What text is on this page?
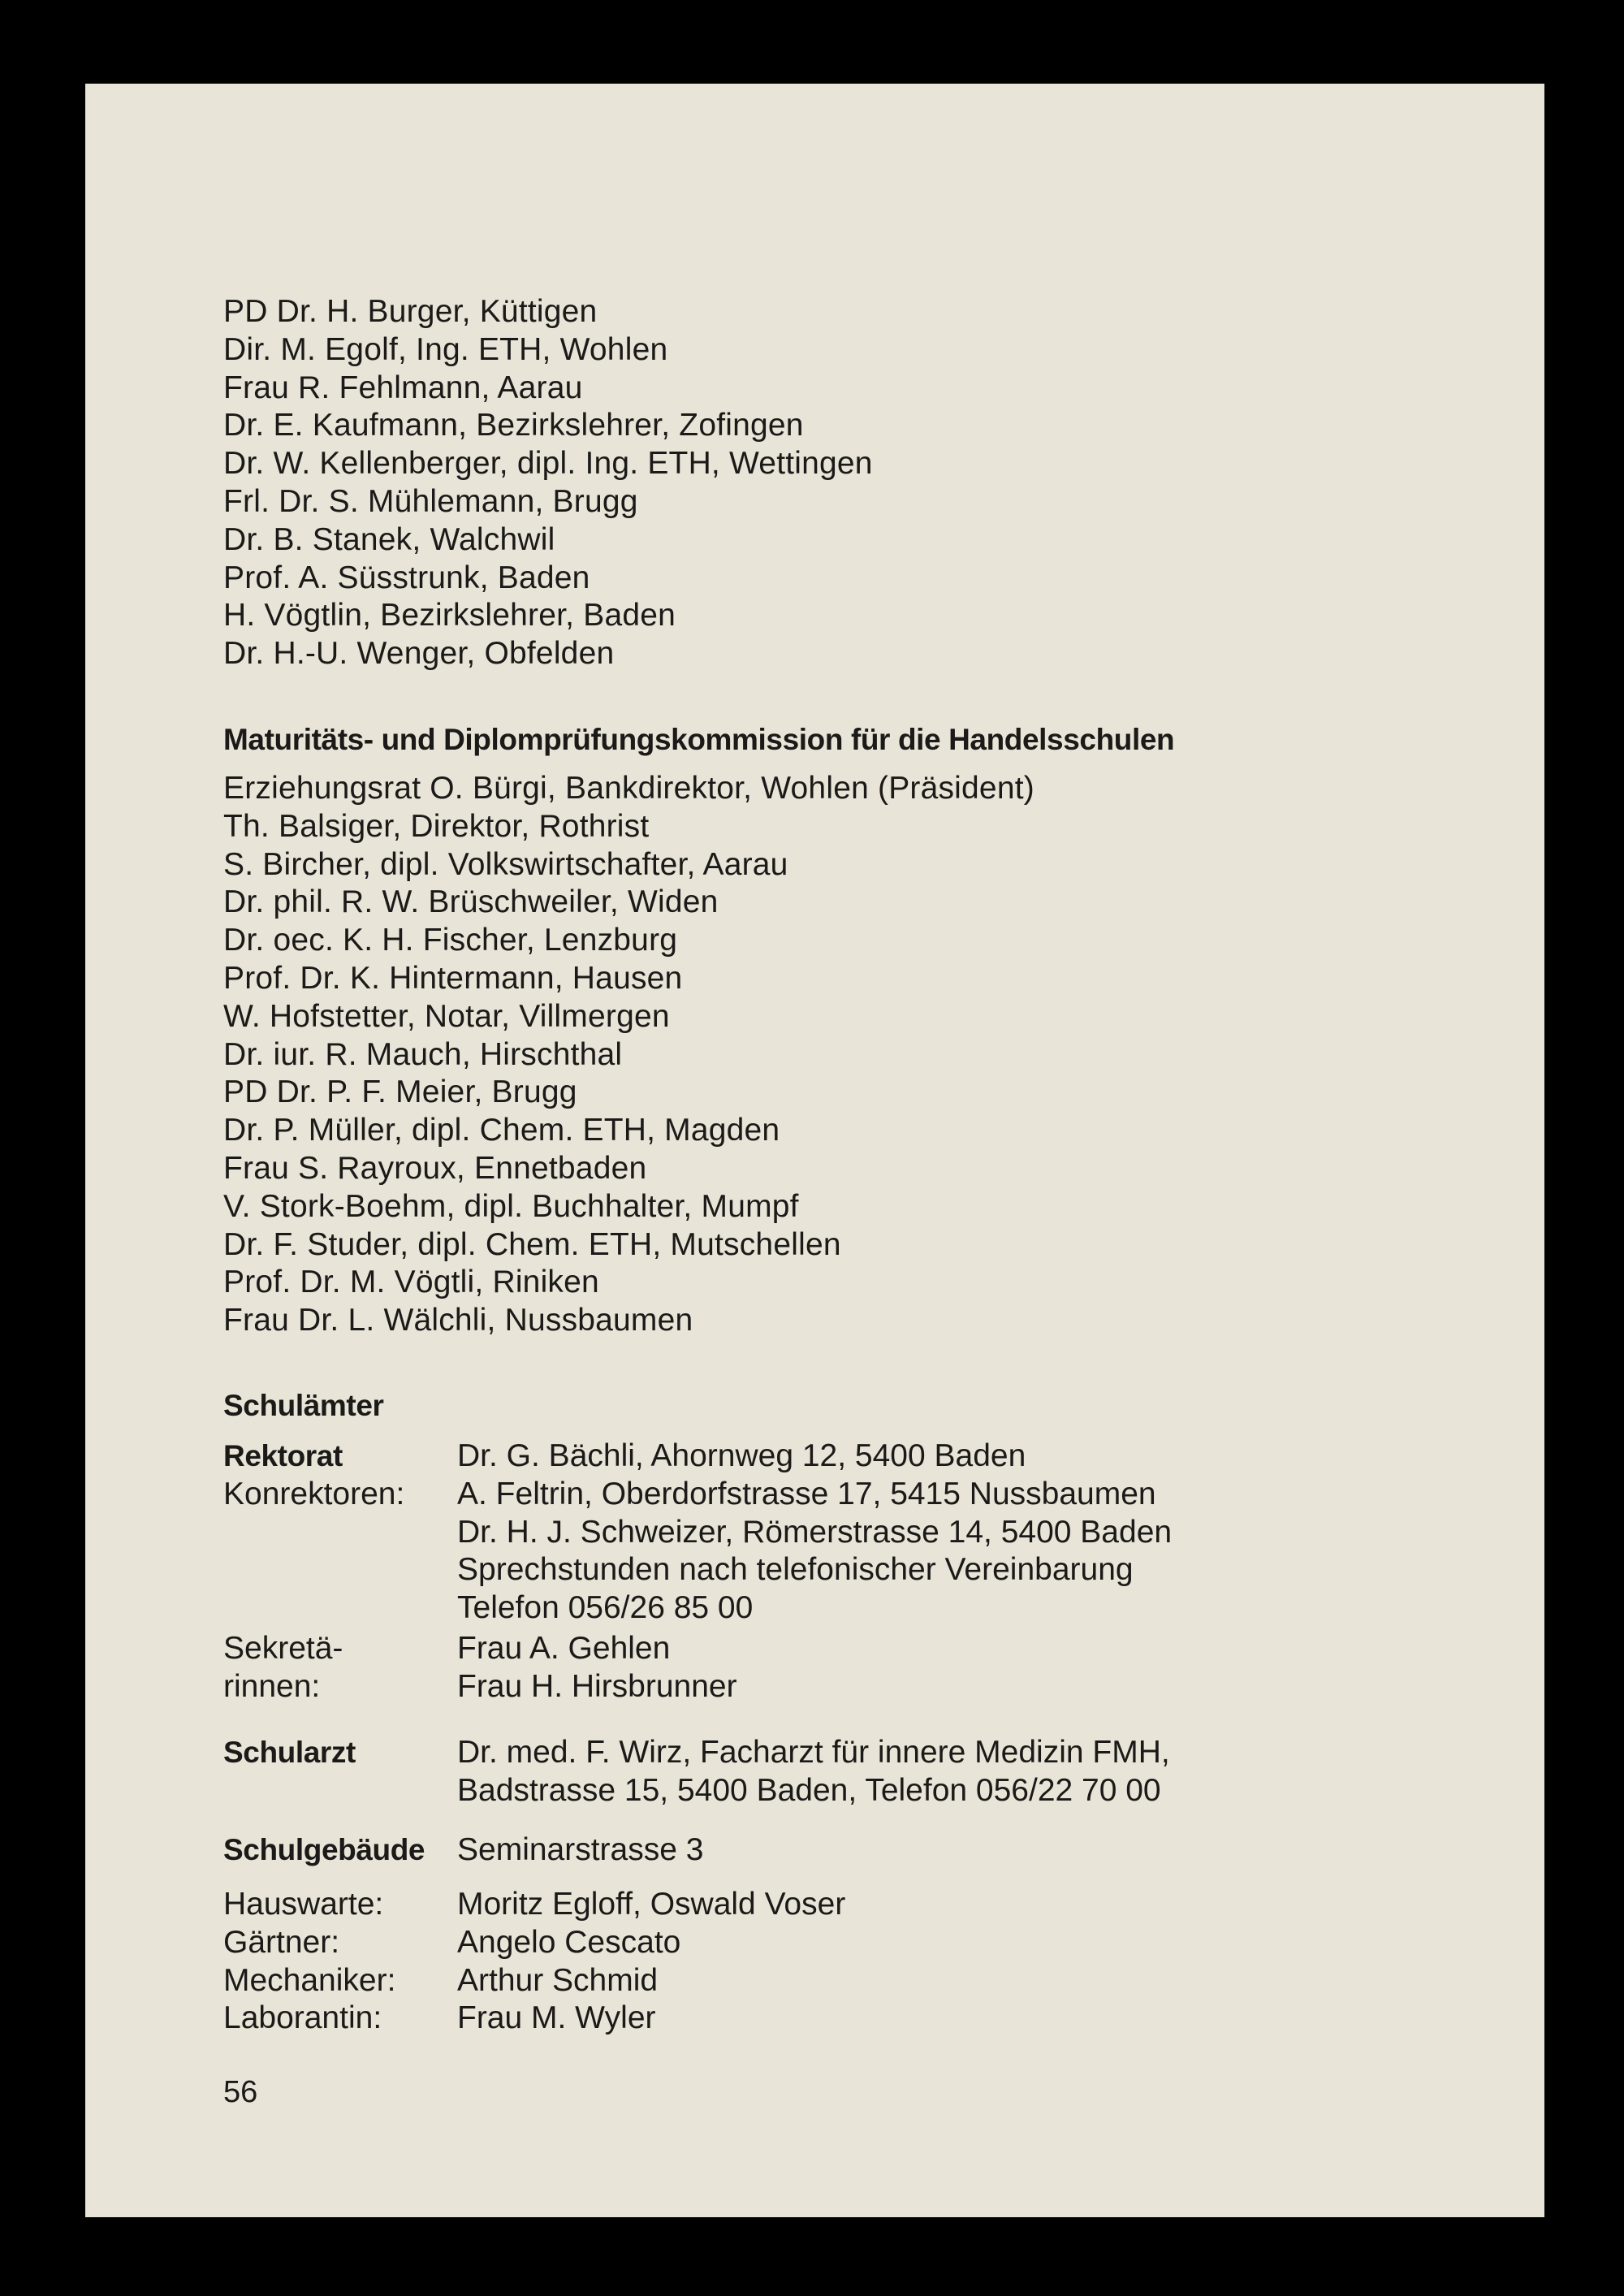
PD Dr. H. Burger, Küttigen
Dir. M. Egolf, Ing. ETH, Wohlen
Frau R. Fehlmann, Aarau
Dr. E. Kaufmann, Bezirkslehrer, Zofingen
Dr. W. Kellenberger, dipl. Ing. ETH, Wettingen
Frl. Dr. S. Mühlemann, Brugg
Dr. B. Stanek, Walchwil
Prof. A. Süsstrunk, Baden
H. Vögtlin, Bezirkslehrer, Baden
Dr. H.-U. Wenger, Obfelden
Maturitäts- und Diplomprüfungskommission für die Handelsschulen
Erziehungsrat O. Bürgi, Bankdirektor, Wohlen (Präsident)
Th. Balsiger, Direktor, Rothrist
S. Bircher, dipl. Volkswirtschafter, Aarau
Dr. phil. R. W. Brüschweiler, Widen
Dr. oec. K. H. Fischer, Lenzburg
Prof. Dr. K. Hintermann, Hausen
W. Hofstetter, Notar, Villmergen
Dr. iur. R. Mauch, Hirschthal
PD Dr. P. F. Meier, Brugg
Dr. P. Müller, dipl. Chem. ETH, Magden
Frau S. Rayroux, Ennetbaden
V. Stork-Boehm, dipl. Buchhalter, Mumpf
Dr. F. Studer, dipl. Chem. ETH, Mutschellen
Prof. Dr. M. Vögtli, Riniken
Frau Dr. L. Wälchli, Nussbaumen
Schulämter
Rektorat	Dr. G. Bächli, Ahornweg 12, 5400 Baden
Konrektoren: A. Feltrin, Oberdorfstrasse 17, 5415 Nussbaumen
Dr. H. J. Schweizer, Römerstrasse 14, 5400 Baden
Sprechstunden nach telefonischer Vereinbarung
Telefon 056/26 85 00
Sekretä-	Frau A. Gehlen
rinnen:	Frau H. Hirsbrunner
Schularzt	Dr. med. F. Wirz, Facharzt für innere Medizin FMH,
Badstrasse 15, 5400 Baden, Telefon 056/22 70 00
Schulgebäude Seminarstrasse 3
Hauswarte: Moritz Egloff, Oswald Voser
Gärtner:	Angelo Cescato
Mechaniker: Arthur Schmid
Laborantin: Frau M. Wyler
56
